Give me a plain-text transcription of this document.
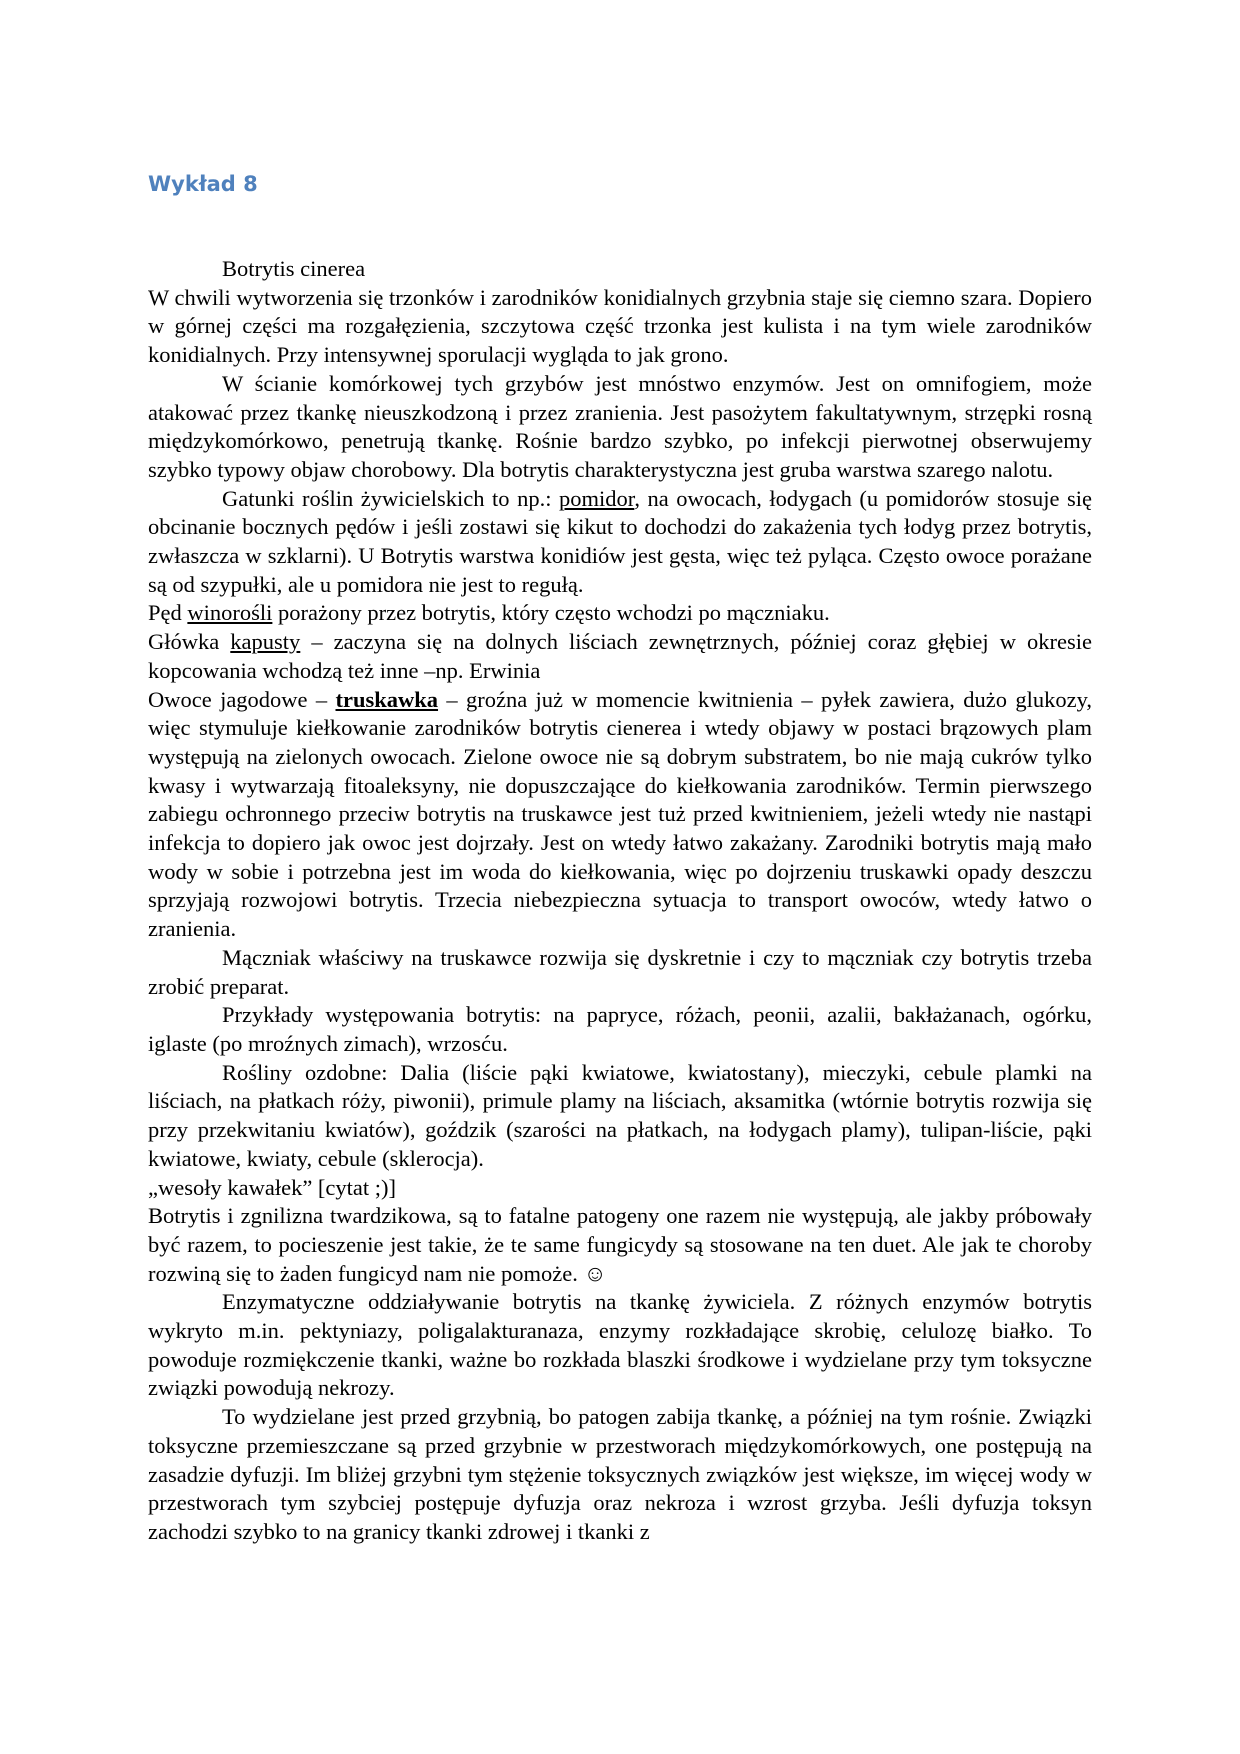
Wykład 8

Botrytis cinerea

W chwili wytworzenia się trzonków i zarodników konidialnych grzybnia staje się ciemno szara. Dopiero w górnej części ma rozgałęzienia, szczytowa część trzonka jest kulista i na tym wiele zarodników konidialnych. Przy intensywnej sporulacji wygląda to jak grono.

W ścianie komórkowej tych grzybów jest mnóstwo enzymów. Jest on omnifogiem, może atakować przez tkankę nieuszkodzoną i przez zranienia. Jest pasożytem fakultatywnym, strzępki rosną międzykomórkowo, penetrują tkankę. Rośnie bardzo szybko, po infekcji pierwotnej obserwujemy szybko typowy objaw chorobowy. Dla botrytis charakterystyczna jest gruba warstwa szarego nalotu.

Gatunki roślin żywicielskich to np.: pomidor, na owocach, łodygach (u pomidorów stosuje się obcinanie bocznych pędów i jeśli zostawi się kikut to dochodzi do zakażenia tych łodyg przez botrytis, zwłaszcza w szklarni). U Botrytis warstwa konidiów jest gęsta, więc też pyląca. Często owoce porażane są od szypułki, ale u pomidora nie jest to regułą.

Pęd winorośli porażony przez botrytis, który często wchodzi po mączniaku.

Główka kapusty – zaczyna się na dolnych liściach zewnętrznych, później coraz głębiej w okresie kopcowania wchodzą też inne –np. Erwinia

Owoce jagodowe – truskawka – groźna już w momencie kwitnienia – pyłek zawiera, dużo glukozy, więc stymuluje kiełkowanie zarodników botrytis cienerea i wtedy objawy w postaci brązowych plam występują na zielonych owocach. Zielone owoce nie są dobrym substratem, bo nie mają cukrów tylko kwasy i wytwarzają fitoaleksyny, nie dopuszczające do kiełkowania zarodników. Termin pierwszego zabiegu ochronnego przeciw botrytis na truskawce jest tuż przed kwitnieniem, jeżeli wtedy nie nastąpi infekcja to dopiero jak owoc jest dojrzały. Jest on wtedy łatwo zakażany. Zarodniki botrytis mają mało wody w sobie i potrzebna jest im woda do kiełkowania, więc po dojrzeniu truskawki opady deszczu sprzyjają rozwojowi botrytis. Trzecia niebezpieczna sytuacja to transport owoców, wtedy łatwo o zranienia.

Mączniak właściwy na truskawce rozwija się dyskretnie i czy to mączniak czy botrytis trzeba zrobić preparat.

Przykłady występowania botrytis: na papryce, różach, peonii, azalii, bakłażanach, ogórku, iglaste (po mroźnych zimach), wrzosću.

Rośliny ozdobne: Dalia (liście pąki kwiatowe, kwiatostany), mieczyki, cebule plamki na liściach, na płatkach róży, piwonii), primule plamy na liściach, aksamitka (wtórnie botrytis rozwija się przy przekwitaniu kwiatów), goździk (szarości na płatkach, na łodygach plamy), tulipan-liście, pąki kwiatowe, kwiaty, cebule (sklerocja).

„wesoły kawałek” [cytat ;)]

Botrytis i zgnilizna twardzikowa, są to fatalne patogeny one razem nie występują, ale jakby próbowały być razem, to pocieszenie jest takie, że te same fungicydy są stosowane na ten duet. Ale jak te choroby rozwiną się to żaden fungicyd nam nie pomoże. ☺

Enzymatyczne oddziaływanie botrytis na tkankę żywiciela. Z różnych enzymów botrytis wykryto m.in. pektyniazy, poligalakturanaza, enzymy rozkładające skrobię, celulozę białko. To powoduje rozmiękczenie tkanki, ważne bo rozkłada blaszki środkowe i wydzielane przy tym toksyczne związki powodują nekrozy.

To wydzielane jest przed grzybnią, bo patogen zabija tkankę, a później na tym rośnie. Związki toksyczne przemieszczane są przed grzybnie w przestworach międzykomórkowych, one postępują na zasadzie dyfuzji. Im bliżej grzybni tym stężenie toksycznych związków jest większe, im więcej wody w przestworach tym szybciej postępuje dyfuzja oraz nekroza i wzrost grzyba. Jeśli dyfuzja toksyn zachodzi szybko to na granicy tkanki zdrowej i tkanki z
